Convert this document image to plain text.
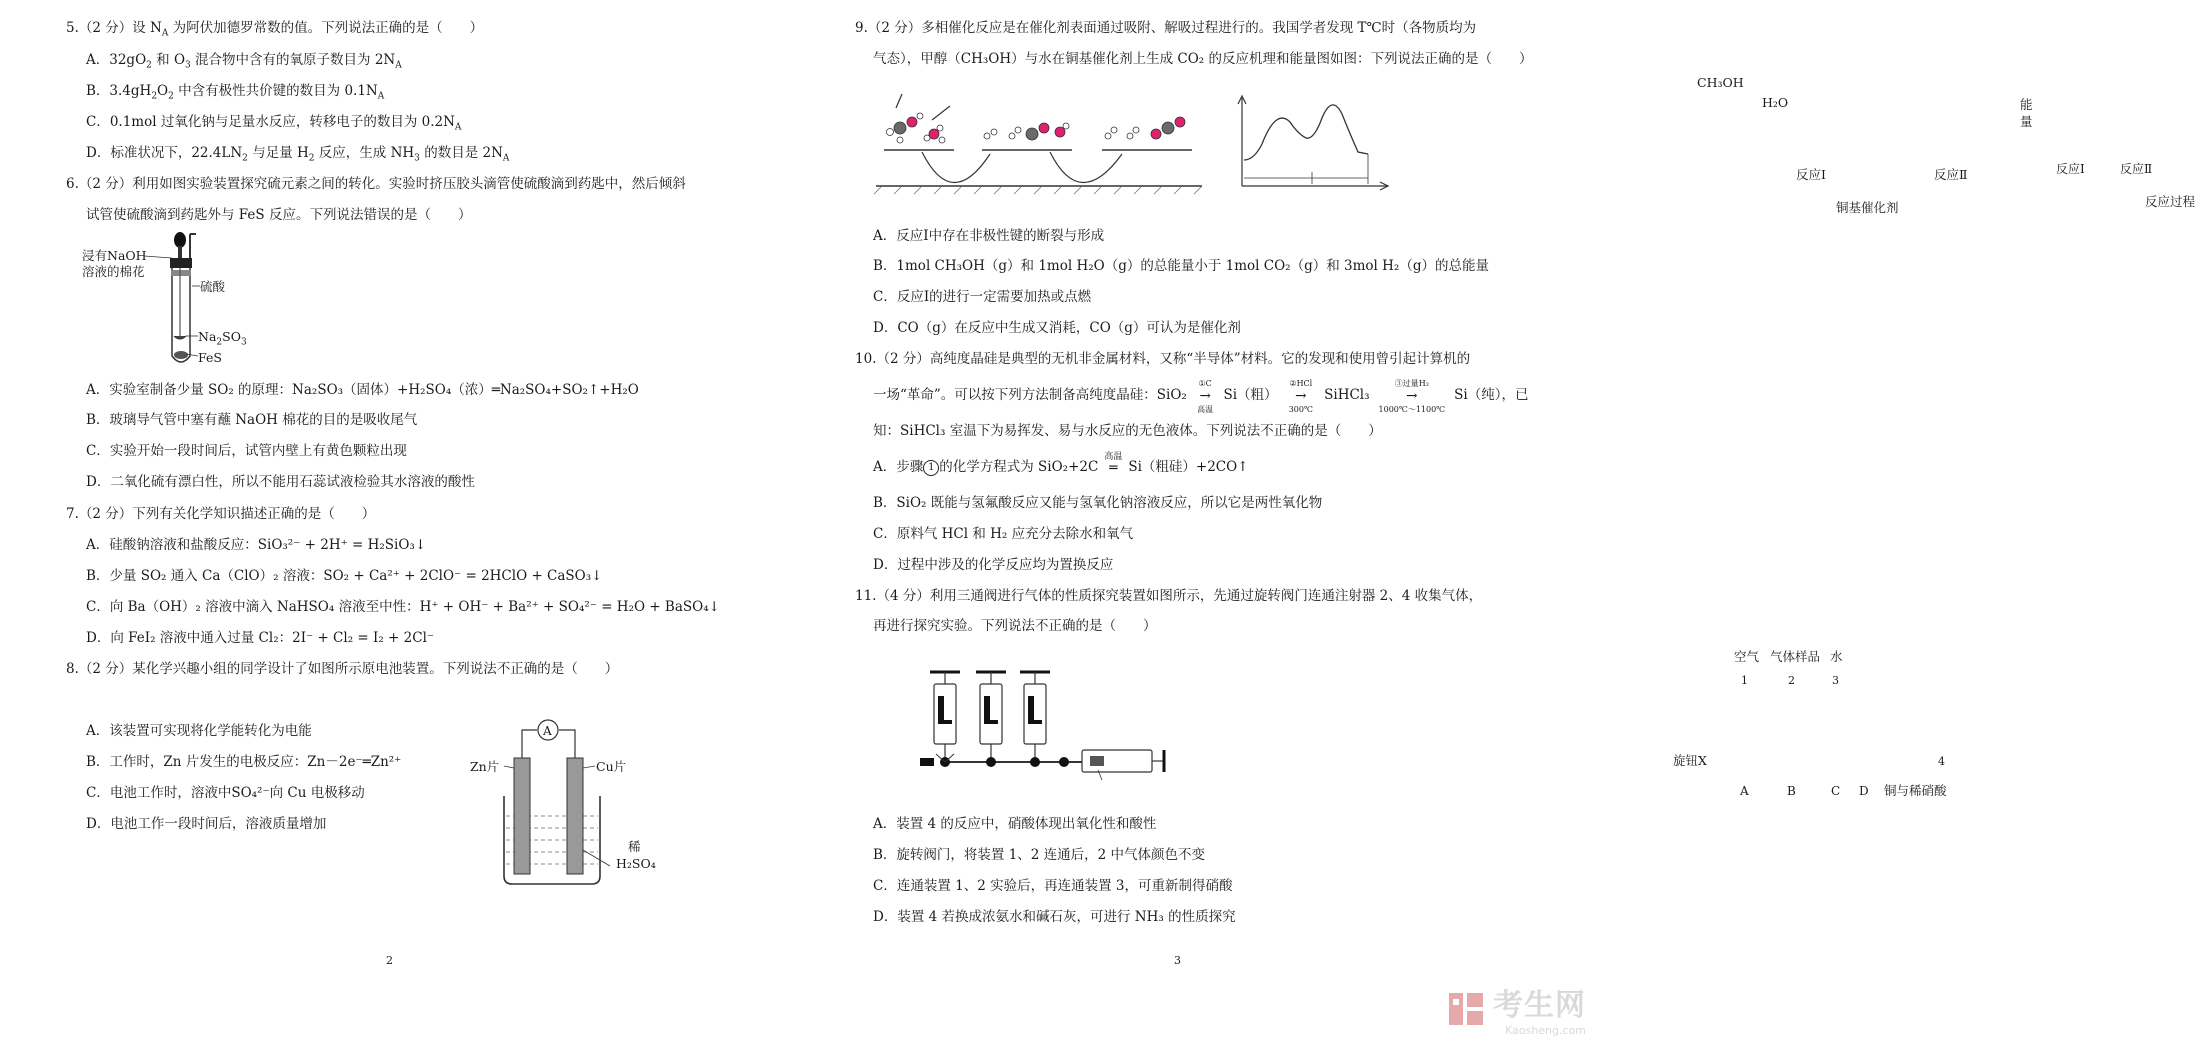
5.（2 分）设 $N_A$ 为阿伏加德罗常数的值。下列说法正确的是（　　）
A．$32gO_2$ 和 $O_3$ 混合物中含有的氧原子数目为 $2N_A$
B．$3.4gH_2O_2$ 中含有极性共价键的数目为 $0.1N_A$
C．0.1mol 过氧化钠与足量水反应，转移电子的数目为 $0.2N_A$
D．标准状况下，$22.4LN_2$ 与足量 $H_2$ 反应，生成 $NH_3$ 的数目是 $2N_A$
6.（2 分）利用如图实验装置探究硫元素之间的转化。实验时挤压胶头滴管使硫酸滴到药匙中，然后倾斜
试管使硫酸滴到药匙外与 FeS 反应。下列说法错误的是（　　）
浸有NaOH
溶液的棉花
硫酸
$Na_2SO_3$
FeS
A．实验室制备少量 SO₂ 的原理：Na₂SO₃（固体）+H₂SO₄（浓）═Na₂SO₄+SO₂↑+H₂O
B．玻璃导气管中塞有蘸 NaOH 棉花的目的是吸收尾气
C．实验开始一段时间后，试管内壁上有黄色颗粒出现
D．二氧化硫有漂白性，所以不能用石蕊试液检验其水溶液的酸性
7.（2 分）下列有关化学知识描述正确的是（　　）
A．硅酸钠溶液和盐酸反应：SiO₃²⁻ + 2H⁺ = H₂SiO₃↓
B．少量 SO₂ 通入 Ca（ClO）₂ 溶液：SO₂ + Ca²⁺ + 2ClO⁻ = 2HClO + CaSO₃↓
C．向 Ba（OH）₂ 溶液中滴入 NaHSO₄ 溶液至中性：H⁺ + OH⁻ + Ba²⁺ + SO₄²⁻ = H₂O + BaSO₄↓
D．向 FeI₂ 溶液中通入过量 Cl₂：2I⁻ + Cl₂ = I₂ + 2Cl⁻
8.（2 分）某化学兴趣小组的同学设计了如图所示原电池装置。下列说法不正确的是（　　）
A．该装置可实现将化学能转化为电能
B．工作时，Zn 片发生的电极反应：Zn－2e⁻═Zn²⁺
C．电池工作时，溶液中SO₄²⁻向 Cu 电极移动
D．电池工作一段时间后，溶液质量增加
A
Zn片	Cu片
稀
H₂SO₄
2
9.（2 分）多相催化反应是在催化剂表面通过吸附、解吸过程进行的。我国学者发现 T℃时（各物质均为
气态），甲醇（CH₃OH）与水在铜基催化剂上生成 CO₂ 的反应机理和能量图如图：下列说法正确的是（　　）
CH₃OH
H₂O
反应Ⅰ	反应Ⅱ
铜基催化剂
能
量
反应Ⅰ	反应Ⅱ
反应过程
A．反应Ⅰ中存在非极性键的断裂与形成
B．1mol CH₃OH（g）和 1mol H₂O（g）的总能量小于 1mol CO₂（g）和 3mol H₂（g）的总能量
C．反应Ⅰ的进行一定需要加热或点燃
D．CO（g）在反应中生成又消耗，CO（g）可认为是催化剂
10.（2 分）高纯度晶硅是典型的无机非金属材料，又称“半导体”材料。它的发现和使用曾引起计算机的
一场“革命”。可以按下列方法制备高纯度晶硅：SiO₂
①C
→
高温
Si（粗）
②HCl
→
300℃
SiHCl₃
③过量H₂
→
1000℃～1100℃
Si（纯），已
知：SiHCl₃ 室温下为易挥发、易与水反应的无色液体。下列说法不正确的是（　　）
A．步骤 1 的化学方程式为 SiO₂+2C
高温
═ Si（粗硅）+2CO↑
B．SiO₂ 既能与氢氟酸反应又能与氢氧化钠溶液反应，所以它是两性氧化物
C．原料气 HCl 和 H₂ 应充分去除水和氧气
D．过程中涉及的化学反应均为置换反应
11.（4 分）利用三通阀进行气体的性质探究装置如图所示，先通过旋转阀门连通注射器 2、4 收集气体，
再进行探究实验。下列说法不正确的是（　　）
空气 气体样品 水
1	2	3
4
旋钮X
A	B	C D 铜与稀硝酸
A．装置 4 的反应中，硝酸体现出氧化性和酸性
B．旋转阀门，将装置 1、2 连通后，2 中气体颜色不变
C．连通装置 1、2 实验后，再连通装置 3，可重新制得硝酸
D．装置 4 若换成浓氨水和碱石灰，可进行 NH₃ 的性质探究
3
考生网
Kaosheng.com
